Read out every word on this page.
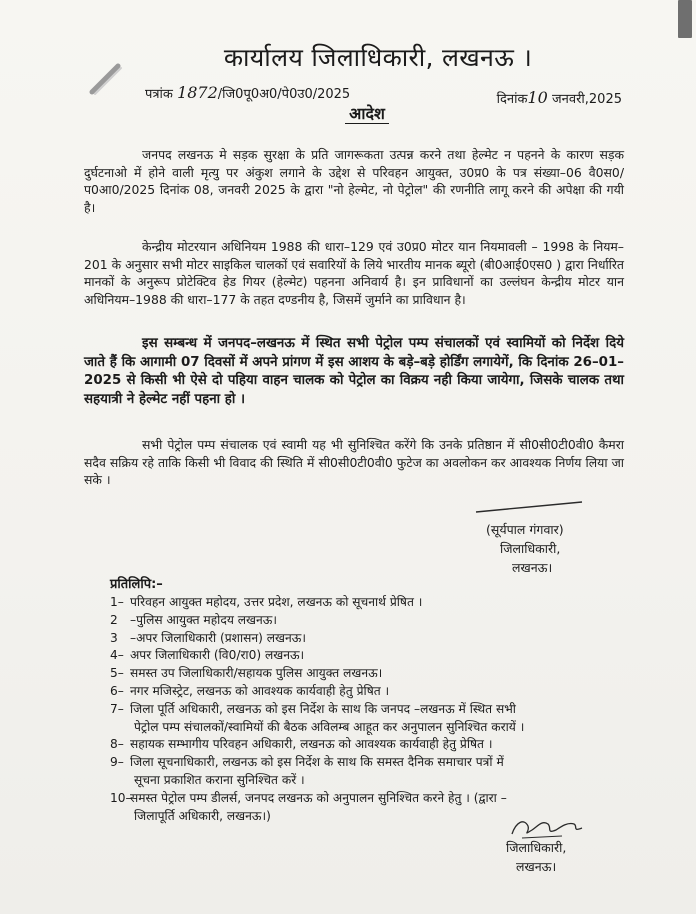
कार्यालय जिलाधिकारी, लखनऊ ।
पत्रांक 1872/जि0पू0अ0/पे0उ0/2025	दिनांक10 जनवरी,2025
आदेश
जनपद लखनऊ मे सड़क सुरक्षा के प्रति जागरूकता उत्पन्न करने तथा हेल्मेट न पहनने के कारण सड़क दुर्घटनाओ में होने वाली मृत्यु पर अंकुश लगाने के उद्देश से परिवहन आयुक्त, उ0प्र0 के पत्र संख्या–06 वै0स0/प0आ0/2025 दिनांक 08, जनवरी 2025 के द्वारा "नो हेल्मेट, नो पेट्रोल" की रणनीति लागू करने की अपेक्षा की गयी है।
केन्द्रीय मोटरयान अधिनियम 1988 की धारा–129 एवं उ0प्र0 मोटर यान नियमावली – 1998 के नियम–201 के अनुसार सभी मोटर साइकिल चालकों एवं सवारियों के लिये भारतीय मानक ब्यूरो (बी0आई0एस0 ) द्वारा निर्धारित मानकों के अनुरूप प्रोटेक्टिव हेड गियर (हेल्मेट) पहनना अनिवार्य है। इन प्राविधानों का उल्लंघन केन्द्रीय मोटर यान अधिनियम–1988 की धारा–177 के तहत दण्डनीय है, जिसमें जुर्माने का प्राविधान है।
इस सम्बन्ध में जनपद–लखनऊ में स्थित सभी पेट्रोल पम्प संचालकों एवं स्वामियों को निर्देश दिये जाते हैं कि आगामी 07 दिवसों में अपने प्रांगण में इस आशय के बड़े–बड़े होर्डिंग लगायेगें, कि दिनांक 26–01–2025 से किसी भी ऐसे दो पहिया वाहन चालक को पेट्रोल का विक्रय नही किया जायेगा, जिसके चालक तथा सहयात्री ने हेल्मेट नहीं पहना हो ।
सभी पेट्रोल पम्प संचालक एवं स्वामी यह भी सुनिश्चित करेंगे कि उनके प्रतिष्ठान में सी0सी0टी0वी0 कैमरा सदैव सक्रिय रहे ताकि किसी भी विवाद की स्थिति में सी0सी0टी0वी0 फुटेज का अवलोकन कर आवश्यक निर्णय लिया जा सके ।
(सूर्यपाल गंगवार)
जिलाधिकारी,
लखनऊ।
प्रतिलिपि:–
1– परिवहन आयुक्त महोदय, उत्तर प्रदेश, लखनऊ को सूचनार्थ प्रेषित ।
2	–पुलिस आयुक्त महोदय लखनऊ।
3	–अपर जिलाधिकारी (प्रशासन) लखनऊ।
4– अपर जिलाधिकारी (वि0/रा0) लखनऊ।
5– समस्त उप जिलाधिकारी/सहायक पुलिस आयुक्त लखनऊ।
6– नगर मजिस्ट्रेट, लखनऊ को आवश्यक कार्यवाही हेतु प्रेषित ।
7– जिला पूर्ति अधिकारी, लखनऊ को इस निर्देश के साथ कि जनपद –लखनऊ में स्थित सभी
पेट्रोल पम्प संचालकों/स्वामियों की बैठक अविलम्ब आहूत कर अनुपालन सुनिश्चित करायें ।
8– सहायक सम्भागीय परिवहन अधिकारी, लखनऊ को आवश्यक कार्यवाही हेतु प्रेषित ।
9– जिला सूचनाधिकारी, लखनऊ को इस निर्देश के साथ कि समस्त दैनिक समाचार पत्रों में
सूचना प्रकाशित कराना सुनिश्चित करें ।
10–
समस्त पेट्रोल पम्प डीलर्स, जनपद लखनऊ को अनुपालन सुनिश्चित करने हेतु । (द्वारा –
जिलापूर्ति अधिकारी, लखनऊ।)
जिलाधिकारी,
लखनऊ।
